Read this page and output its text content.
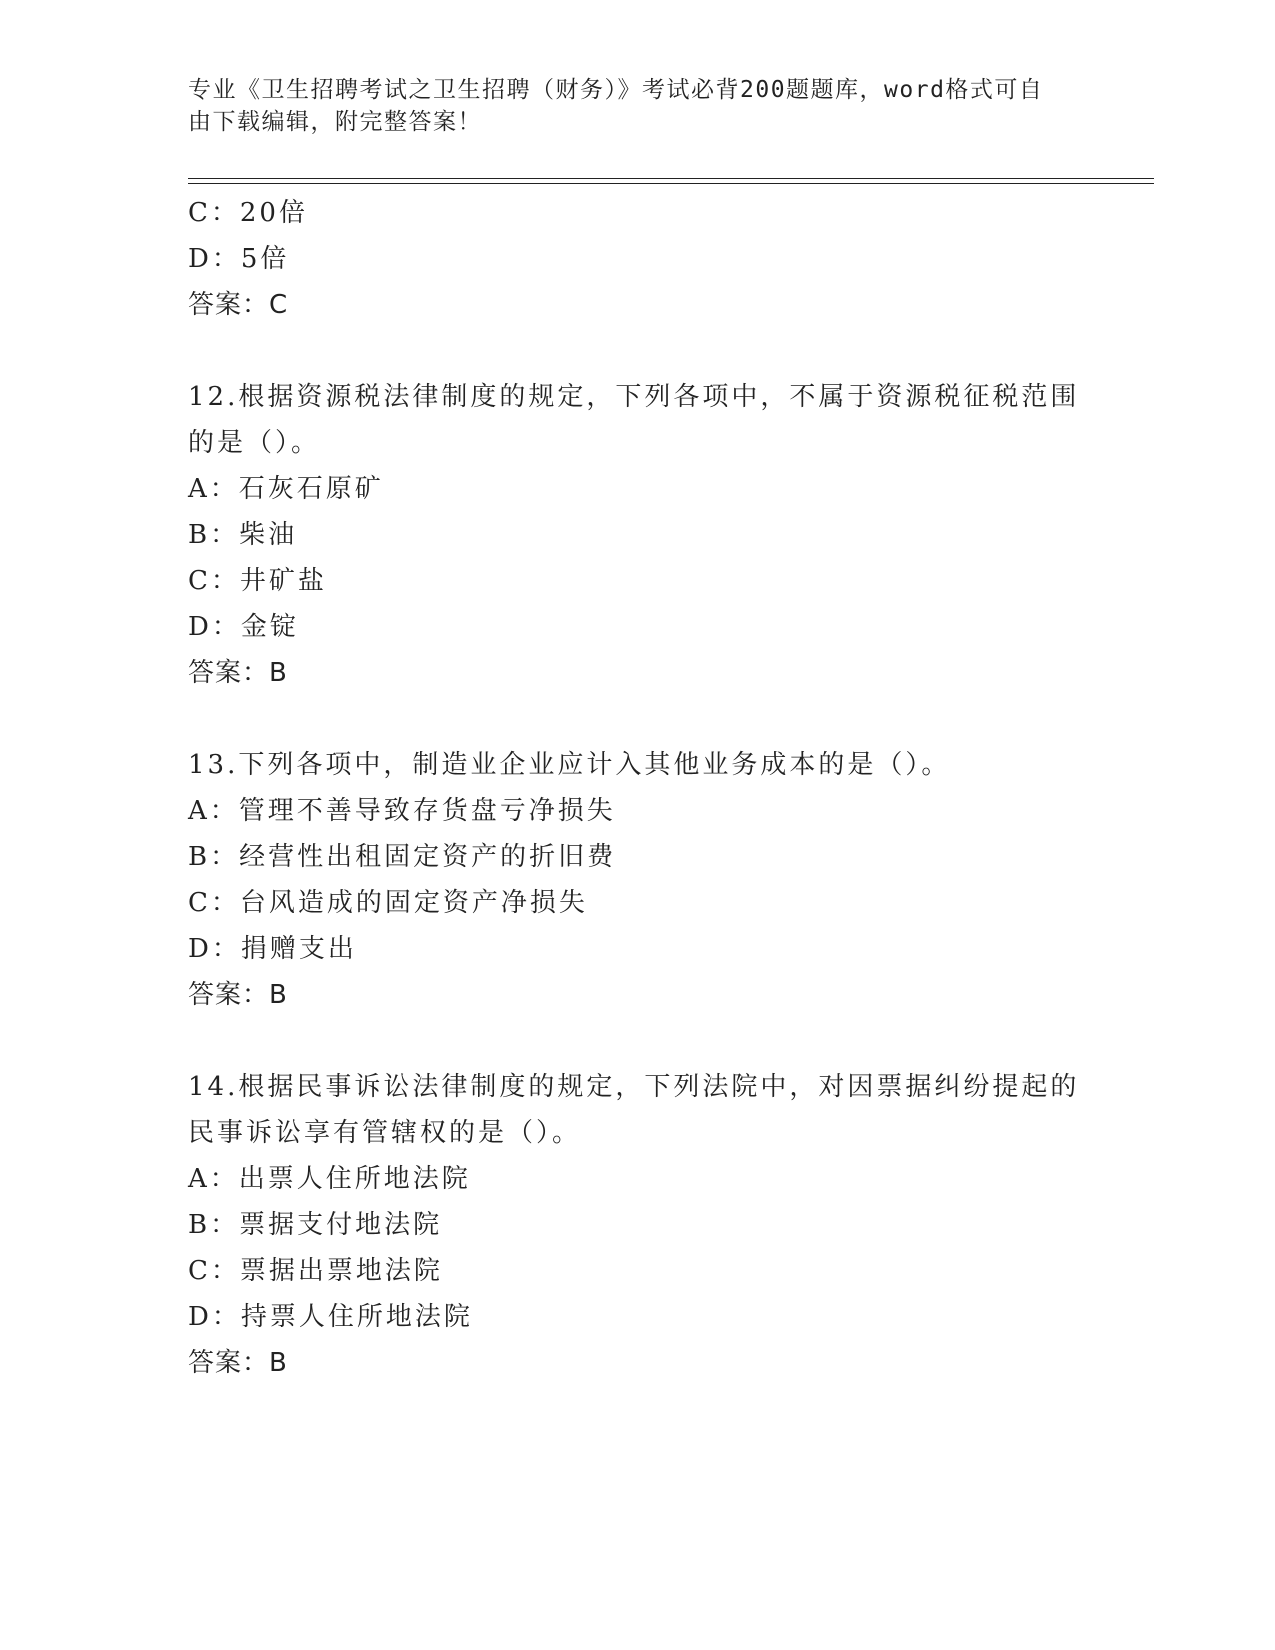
专业《卫生招聘考试之卫生招聘（财务）》考试必背200题题库，word格式可自
由下载编辑，附完整答案！
C：20倍
D：5倍
答案：C
12.根据资源税法律制度的规定，下列各项中，不属于资源税征税范围
的是（）。
A：石灰石原矿
B：柴油
C：井矿盐
D：金锭
答案：B
13.下列各项中，制造业企业应计入其他业务成本的是（）。
A：管理不善导致存货盘亏净损失
B：经营性出租固定资产的折旧费
C：台风造成的固定资产净损失
D：捐赠支出
答案：B
14.根据民事诉讼法律制度的规定，下列法院中，对因票据纠纷提起的
民事诉讼享有管辖权的是（）。
A：出票人住所地法院
B：票据支付地法院
C：票据出票地法院
D：持票人住所地法院
答案：B
